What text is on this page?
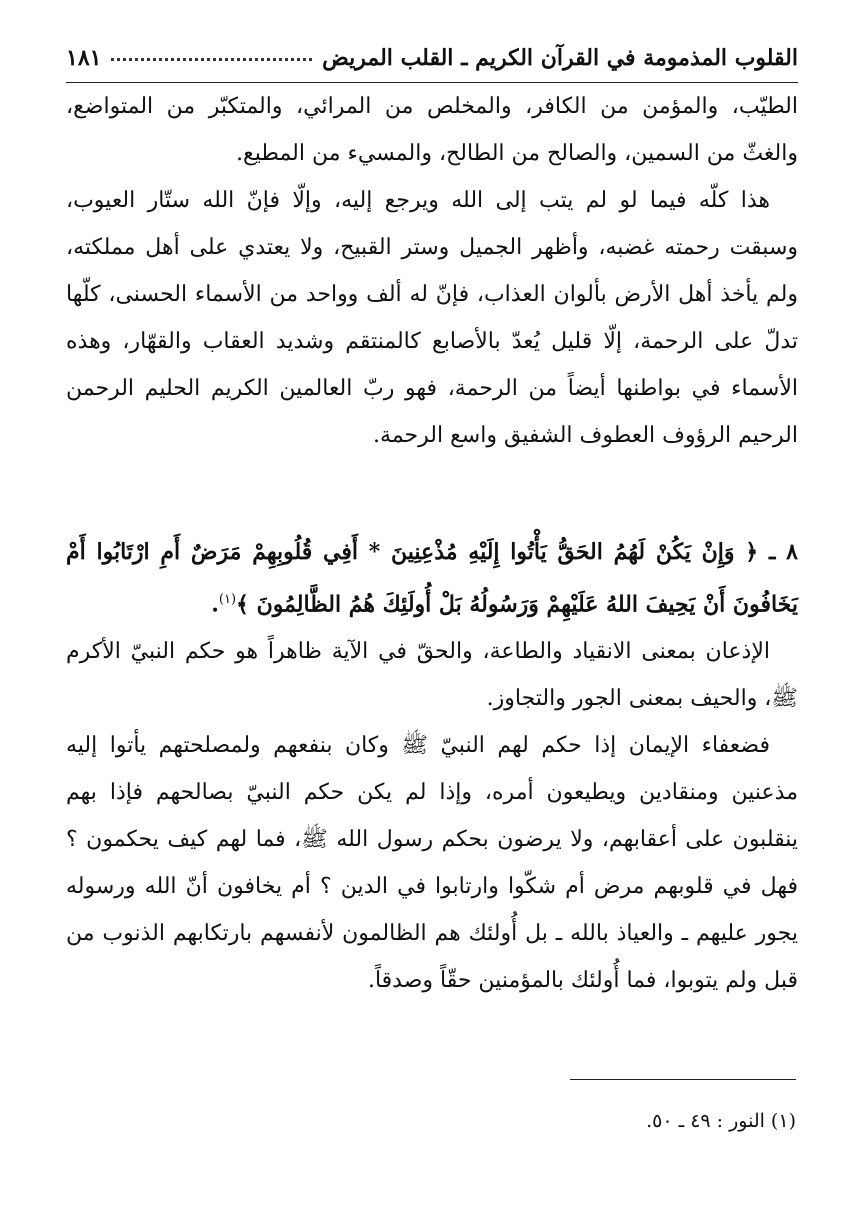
القلوب المذمومة في القرآن الكريم ـ القلب المريض
١٨١

الطيّب، والمؤمن من الكافر، والمخلص من المرائي، والمتكبّر من المتواضع، والغثّ من السمين، والصالح من الطالح، والمسيء من المطيع.

هذا كلّه فيما لو لم يتب إلى الله ويرجع إليه، وإلّا فإنّ الله ستّار العيوب، وسبقت رحمته غضبه، وأظهر الجميل وستر القبيح، ولا يعتدي على أهل مملكته، ولم يأخذ أهل الأرض بألوان العذاب، فإنّ له ألف وواحد من الأسماء الحسنى، كلّها تدلّ على الرحمة، إلّا قليل يُعدّ بالأصابع كالمنتقم وشديد العقاب والقهّار، وهذه الأسماء في بواطنها أيضاً من الرحمة، فهو ربّ العالمين الكريم الحليم الرحمن الرحيم الرؤوف العطوف الشفيق واسع الرحمة.

٨ ـ ﴿ وَإِنْ يَكُنْ لَهُمُ الحَقُّ يَأْتُوا إِلَيْهِ مُذْعِنِينَ * أَفِي قُلُوبِهِمْ مَرَضٌ أَمِ ارْتَابُوا أَمْ يَخَافُونَ أَنْ يَحِيفَ اللهُ عَلَيْهِمْ وَرَسُولُهُ بَلْ أُولَئِكَ هُمُ الظَّالِمُونَ ﴾$^{(١)}$.

الإذعان بمعنى الانقياد والطاعة، والحقّ في الآية ظاهراً هو حكم النبيّ الأكرم ﷺ، والحيف بمعنى الجور والتجاوز.

فضعفاء الإيمان إذا حكم لهم النبيّ ﷺ وكان بنفعهم ولمصلحتهم يأتوا إليه مذعنين ومنقادين ويطيعون أمره، وإذا لم يكن حكم النبيّ بصالحهم فإذا بهم ينقلبون على أعقابهم، ولا يرضون بحكم رسول الله ﷺ، فما لهم كيف يحكمون ؟ فهل في قلوبهم مرض أم شكّوا وارتابوا في الدين ؟ أم يخافون أنّ الله ورسوله يجور عليهم ـ والعياذ بالله ـ بل أُولئك هم الظالمون لأنفسهم بارتكابهم الذنوب من قبل ولم يتوبوا، فما أُولئك بالمؤمنين حقّاً وصدقاً.

(١) النور : ٤٩ ـ ٥٠.
